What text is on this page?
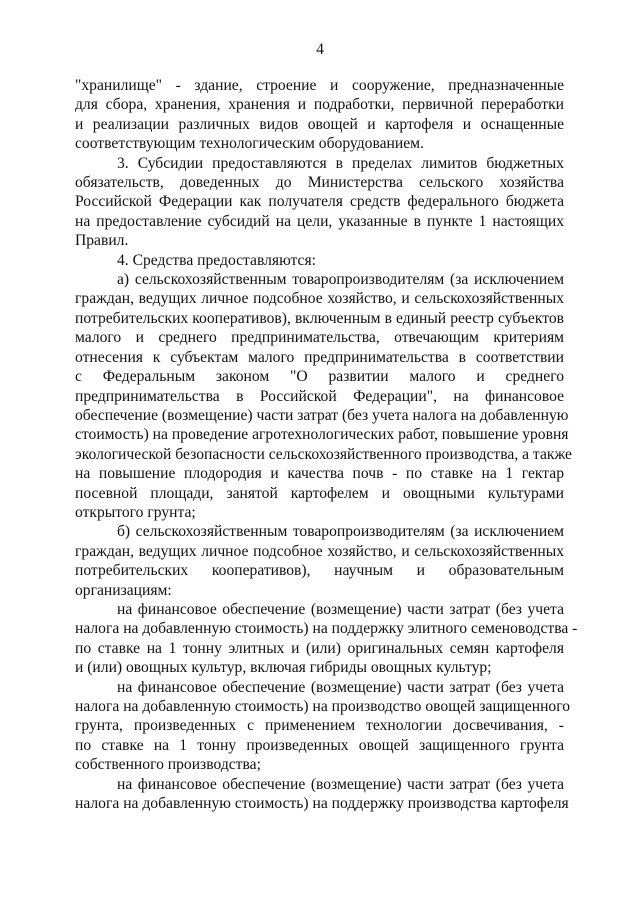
4
"хранилище" - здание, строение и сооружение, предназначенные
для сбора, хранения, хранения и подработки, первичной переработки
и реализации различных видов овощей и картофеля и оснащенные
соответствующим технологическим оборудованием.
3. Субсидии предоставляются в пределах лимитов бюджетных
обязательств, доведенных до Министерства сельского хозяйства
Российской Федерации как получателя средств федерального бюджета
на предоставление субсидий на цели, указанные в пункте 1 настоящих
Правил.
4. Средства предоставляются:
а) сельскохозяйственным товаропроизводителям (за исключением
граждан, ведущих личное подсобное хозяйство, и сельскохозяйственных
потребительских кооперативов), включенным в единый реестр субъектов
малого и среднего предпринимательства, отвечающим критериям
отнесения к субъектам малого предпринимательства в соответствии
с Федеральным законом "О развитии малого и среднего
предпринимательства в Российской Федерации", на финансовое
обеспечение (возмещение) части затрат (без учета налога на добавленную
стоимость) на проведение агротехнологических работ, повышение уровня
экологической безопасности сельскохозяйственного производства, а также
на повышение плодородия и качества почв - по ставке на 1 гектар
посевной площади, занятой картофелем и овощными культурами
открытого грунта;
б) сельскохозяйственным товаропроизводителям (за исключением
граждан, ведущих личное подсобное хозяйство, и сельскохозяйственных
потребительских кооперативов), научным и образовательным
организациям:
на финансовое обеспечение (возмещение) части затрат (без учета
налога на добавленную стоимость) на поддержку элитного семеноводства -
по ставке на 1 тонну элитных и (или) оригинальных семян картофеля
и (или) овощных культур, включая гибриды овощных культур;
на финансовое обеспечение (возмещение) части затрат (без учета
налога на добавленную стоимость) на производство овощей защищенного
грунта, произведенных с применением технологии досвечивания, -
по ставке на 1 тонну произведенных овощей защищенного грунта
собственного производства;
на финансовое обеспечение (возмещение) части затрат (без учета
налога на добавленную стоимость) на поддержку производства картофеля
